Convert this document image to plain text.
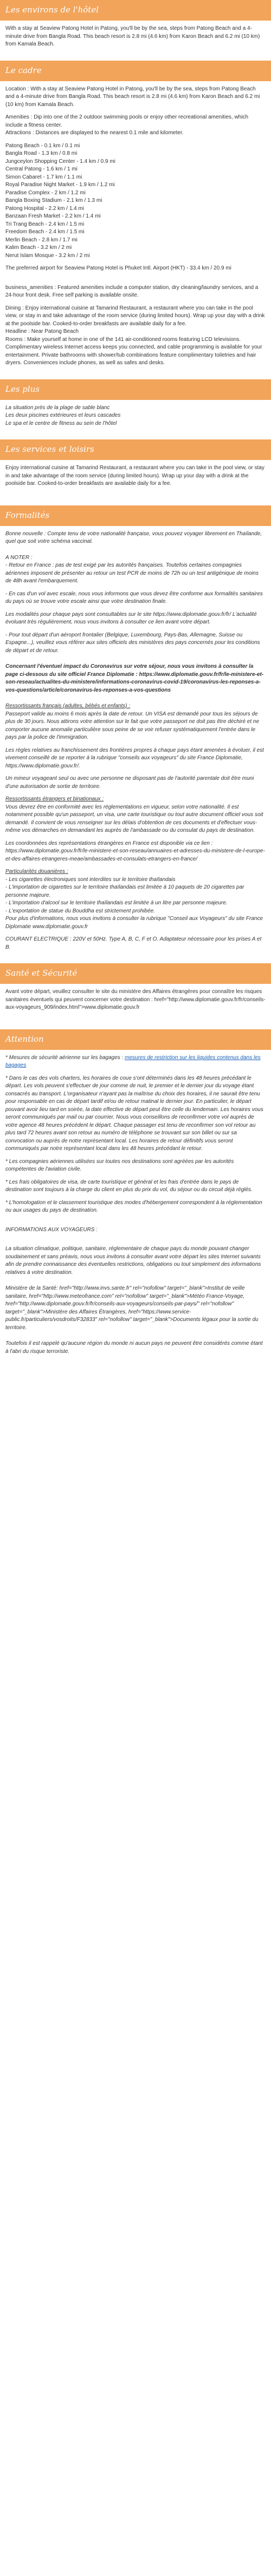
Les environs de l'hôtel

With a stay at Seaview Patong Hotel in Patong, you'll be by the sea, steps from Patong Beach and a 4-minute drive from Bangla Road. This beach resort is 2.8 mi (4.6 km) from Karon Beach and 6.2 mi (10 km) from Kamala Beach.

Le cadre

Location : With a stay at Seaview Patong Hotel in Patong, you'll be by the sea, steps from Patong Beach and a 4-minute drive from Bangla Road. This beach resort is 2.8 mi (4.6 km) from Karon Beach and 6.2 mi (10 km) from Kamala Beach.

Amenities : Dip into one of the 2 outdoor swimming pools or enjoy other recreational amenities, which include a fitness center.

Attractions : Distances are displayed to the nearest 0.1 mile and kilometer.

Patong Beach - 0.1 km / 0.1 mi
Bangla Road - 1.3 km / 0.8 mi
Jungceylon Shopping Center - 1.4 km / 0.9 mi
Central Patong - 1.6 km / 1 mi
Simon Cabaret - 1.7 km / 1.1 mi
Royal Paradise Night Market - 1.9 km / 1.2 mi
Paradise Complex - 2 km / 1.2 mi
Bangla Boxing Stadium - 2.1 km / 1.3 mi
Patong Hospital - 2.2 km / 1.4 mi
Banzaan Fresh Market - 2.2 km / 1.4 mi
Tri Trang Beach - 2.4 km / 1.5 mi
Freedom Beach - 2.4 km / 1.5 mi
Merlin Beach - 2.8 km / 1.7 mi
Kalim Beach - 3.2 km / 2 mi
Nerut Islam Mosque - 3.2 km / 2 mi

The preferred airport for Seaview Patong Hotel is Phuket Intl. Airport (HKT) - 33.4 km / 20.9 mi

business_amenities : Featured amenities include a computer station, dry cleaning/laundry services, and a 24-hour front desk. Free self parking is available onsite.

Dining : Enjoy international cuisine at Tamarind Restaurant, a restaurant where you can take in the pool view, or stay in and take advantage of the room service (during limited hours). Wrap up your day with a drink at the poolside bar. Cooked-to-order breakfasts are available daily for a fee.

Headline : Near Patong Beach

Rooms : Make yourself at home in one of the 141 air-conditioned rooms featuring LCD televisions. Complimentary wireless Internet access keeps you connected, and cable programming is available for your entertainment. Private bathrooms with shower/tub combinations feature complimentary toiletries and hair dryers. Conveniences include phones, as well as safes and desks.

Les plus
La situation près de la plage de sable blanc
Les deux piscines extérieures et leurs cascades
Le spa et le centre de fitness au sein de l'hôtel
Les services et loisirs

Enjoy international cuisine at Tamarind Restaurant, a restaurant where you can take in the pool view, or stay in and take advantage of the room service (during limited hours). Wrap up your day with a drink at the poolside bar. Cooked-to-order breakfasts are available daily for a fee.

Formalités

Bonne nouvelle : Compte tenu de votre nationalité française, vous pouvez voyager librement en Thaïlande, quel que soit votre schéma vaccinal.

A NOTER :

- Retour en France : pas de test exigé par les autorités françaises. Toutefois certaines compagnies aériennes imposent de présenter au retour un test PCR de moins de 72h ou un test antigénique de moins de 48h avant l'embarquement.

- En cas d'un vol avec escale, nous vous informons que vous devez être conforme aux formalités sanitaires du pays où se trouve votre escale ainsi que votre destination finale.

Les modalités pour chaque pays sont consultables sur le site https://www.diplomatie.gouv.fr/fr/ L'actualité évoluant très régulièrement, nous vous invitons à consulter ce lien avant votre départ.

- Pour tout départ d'un aéroport frontalier (Belgique, Luxembourg, Pays-Bas, Allemagne, Suisse ou Espagne...), veuillez vous référer aux sites officiels des ministères des pays concernés pour les conditions de départ et de retour.

Concernant l'éventuel impact du Coronavirus sur votre séjour, nous vous invitons à consulter la page ci-dessous du site officiel France Diplomatie : https://www.diplomatie.gouv.fr/fr/le-ministere-et-son-reseau/actualites-du-ministere/informations-coronavirus-covid-19/coronavirus-les-reponses-a-vos-questions/article/coronavirus-les-reponses-a-vos-questions

Ressortissants français (adultes, bébés et enfants) :

Passeport valide au moins 6 mois après la date de retour. Un VISA est demandé pour tous les séjours de plus de 30 jours. Nous attirons votre attention sur le fait que votre passeport ne doit pas être déchiré et ne comporter aucune anomalie particulière sous peine de se voir refuser systématiquement l'entrée dans le pays par la police de l'immigration.

Les règles relatives au franchissement des frontières propres à chaque pays étant amenées à évoluer, il est vivement conseillé de se reporter à la rubrique "conseils aux voyageurs" du site France Diplomatie, https://www.diplomatie.gouv.fr/.

Un mineur voyageant seul ou avec une personne ne disposant pas de l'autorité parentale doit être muni d'une autorisation de sortie de territoire.

Ressortissants étrangers et binationaux :

Vous devrez être en conformité avec les réglementations en vigueur, selon votre nationalité. Il est notamment possible qu'un passeport, un visa, une carte touristique ou tout autre document officiel vous soit demandé. Il convient de vous renseigner sur les délais d'obtention de ces documents et d'effectuer vous-même vos démarches en demandant les auprès de l'ambassade ou du consulat du pays de destination.

Les coordonnées des représentations étrangères en France est disponible via ce lien : https://www.diplomatie.gouv.fr/fr/le-ministere-et-son-reseau/annuaires-et-adresses-du-ministere-de-l-europe-et-des-affaires-etrangeres-meae/ambassades-et-consulats-etrangers-en-france/

Particularités douanières :
- Les cigarettes électroniques sont interdites sur le territoire thaïlandais
- L'importation de cigarettes sur le territoire thaïlandais est limitée à 10 paquets de 20 cigarettes par personne majeure.
- L'importation d'alcool sur le territoire thaïlandais est limitée à un litre par personne majeure.
- L'exportation de statue du Bouddha est strictement prohibée.

Pour plus d'informations, nous vous invitons à consulter la rubrique "Conseil aux Voyageurs" du site France Diplomatie www.diplomatie.gouv.fr

COURANT ELECTRIQUE : 220V et 50Hz. Type A, B, C, F et O. Adaptateur nécessaire pour les prises A et B.

Santé et Sécurité

Avant votre départ, veuillez consulter le site du ministère des Affaires étrangères pour connaître les risques sanitaires éventuels qui peuvent concerner votre destination : href="http://www.diplomatie.gouv.fr/fr/conseils-aux-voyageurs_909/index.html">www.diplomatie.gouv.fr

Attention

* Mesures de sécurité aérienne sur les bagages : mesures de restriction sur les liquides contenus dans les bagages

* Dans le cas des vols charters, les horaires de coue s'ont déterminés dans les 48 heures précédant le départ. Les vols peuvent s'effectuer de jour comme de nuit, le premier et le dernier jour du voyage étant consacrés au transport. L'organisateur n'ayant pas la maîtrise du choix des horaires, il ne saurait être tenu pour responsable en cas de départ tardif et/ou de retour matinal le dernier jour. En particulier, le départ pouvant avoir lieu tard en soirée, la date effective de départ peut être celle du lendemain. Les horaires vous seront communiqués par mail ou par courrier. Nous vous conseillons de reconfirmer votre vol auprès de votre agence 48 heures précédent le départ. Chaque passager est tenu de reconfirmer son vol retour au plus tard 72 heures avant son retour au numéro de téléphone se trouvant sur son billet ou sur sa convocation ou auprès de notre représentant local. Les horaires de retour définitifs vous seront communiqués par notre représentant local dans les 48 heures précédant le retour.

* Les compagnies aériennes utilisées sur toutes nos destinations sont agréées par les autorités compétentes de l'aviation civile.

* Les frais obligatoires de visa, de carte touristique et général et les frais d'entrée dans le pays de destination sont toujours à la charge du client en plus du prix du vol, du séjour ou du circuit déjà réglés.

* L'homologation et le classement touristique des modes d'hébergement correspondent à la réglementation ou aux usages du pays de destination.

INFORMATIONS AUX VOYAGEURS :

La situation climatique, politique, sanitaire, réglementaire de chaque pays du monde pouvant changer soudainement et sans préavis, nous vous invitons à consulter avant votre départ les sites Internet suivants afin de prendre connaissance des éventuelles restrictions, obligations ou tout simplement des informations relatives à votre destination.

Ministère de la Santé: href="http://www.invs.sante.fr" rel="nofollow" target="_blank">Institut de veille sanitaire, href="http://www.meteofrance.com" rel="nofollow" target="_blank">Météo France-Voyage, href="http://www.diplomatie.gouv.fr/fr/conseils-aux-voyageurs/conseils-par-pays/" rel="nofollow" target="_blank">Ministère des Affaires Étrangères, href="https://www.service-public.fr/particuliers/vosdroits/F32833" rel="nofollow" target="_blank">Documents légaux pour la sortie du territoire.

Toutefois il est rappelé qu'aucune région du monde ni aucun pays ne peuvent être considérés comme étant à l'abri du risque terroriste.
